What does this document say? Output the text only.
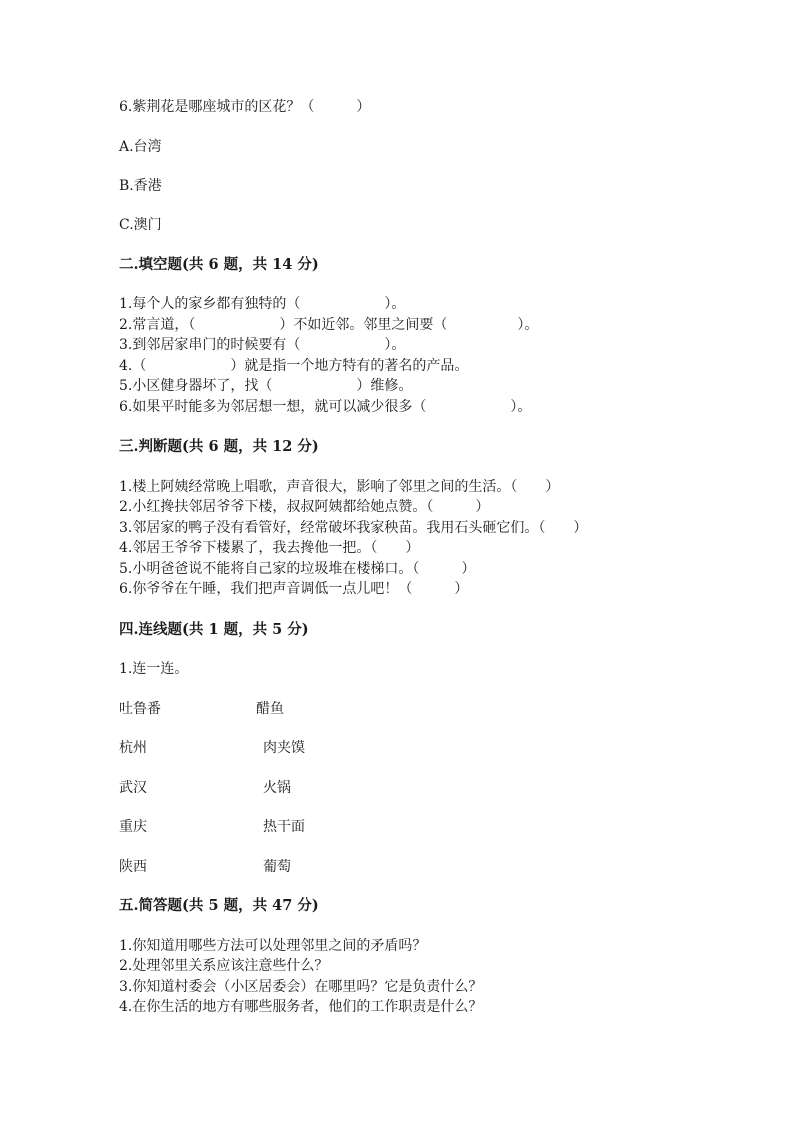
6.紫荆花是哪座城市的区花？（　　　）
A.台湾
B.香港
C.澳门
二.填空题(共 6 题，共 14 分)
1.每个人的家乡都有独特的（　　　　　　）。
2.常言道，（　　　　　　）不如近邻。邻里之间要（　　　　　）。
3.到邻居家串门的时候要有（　　　　　　）。
4.（　　　　　　）就是指一个地方特有的著名的产品。
5.小区健身器坏了，找（　　　　　　）维修。
6.如果平时能多为邻居想一想，就可以减少很多（　　　　　　）。
三.判断题(共 6 题，共 12 分)
1.楼上阿姨经常晚上唱歌，声音很大，影响了邻里之间的生活。（　　）
2.小红搀扶邻居爷爷下楼，叔叔阿姨都给她点赞。（　　　）
3.邻居家的鸭子没有看管好，经常破坏我家秧苗。我用石头砸它们。（　　）
4.邻居王爷爷下楼累了，我去搀他一把。（　　）
5.小明爸爸说不能将自己家的垃圾堆在楼梯口。（　　　）
6.你爷爷在午睡，我们把声音调低一点儿吧！（　　　）
四.连线题(共 1 题，共 5 分)
1.连一连。
吐鲁番	醋鱼
杭州	肉夹馍
武汉	火锅
重庆	热干面
陕西	葡萄
五.简答题(共 5 题，共 47 分)
1.你知道用哪些方法可以处理邻里之间的矛盾吗？
2.处理邻里关系应该注意些什么？
3.你知道村委会（小区居委会）在哪里吗？它是负责什么？
4.在你生活的地方有哪些服务者，他们的工作职责是什么？
